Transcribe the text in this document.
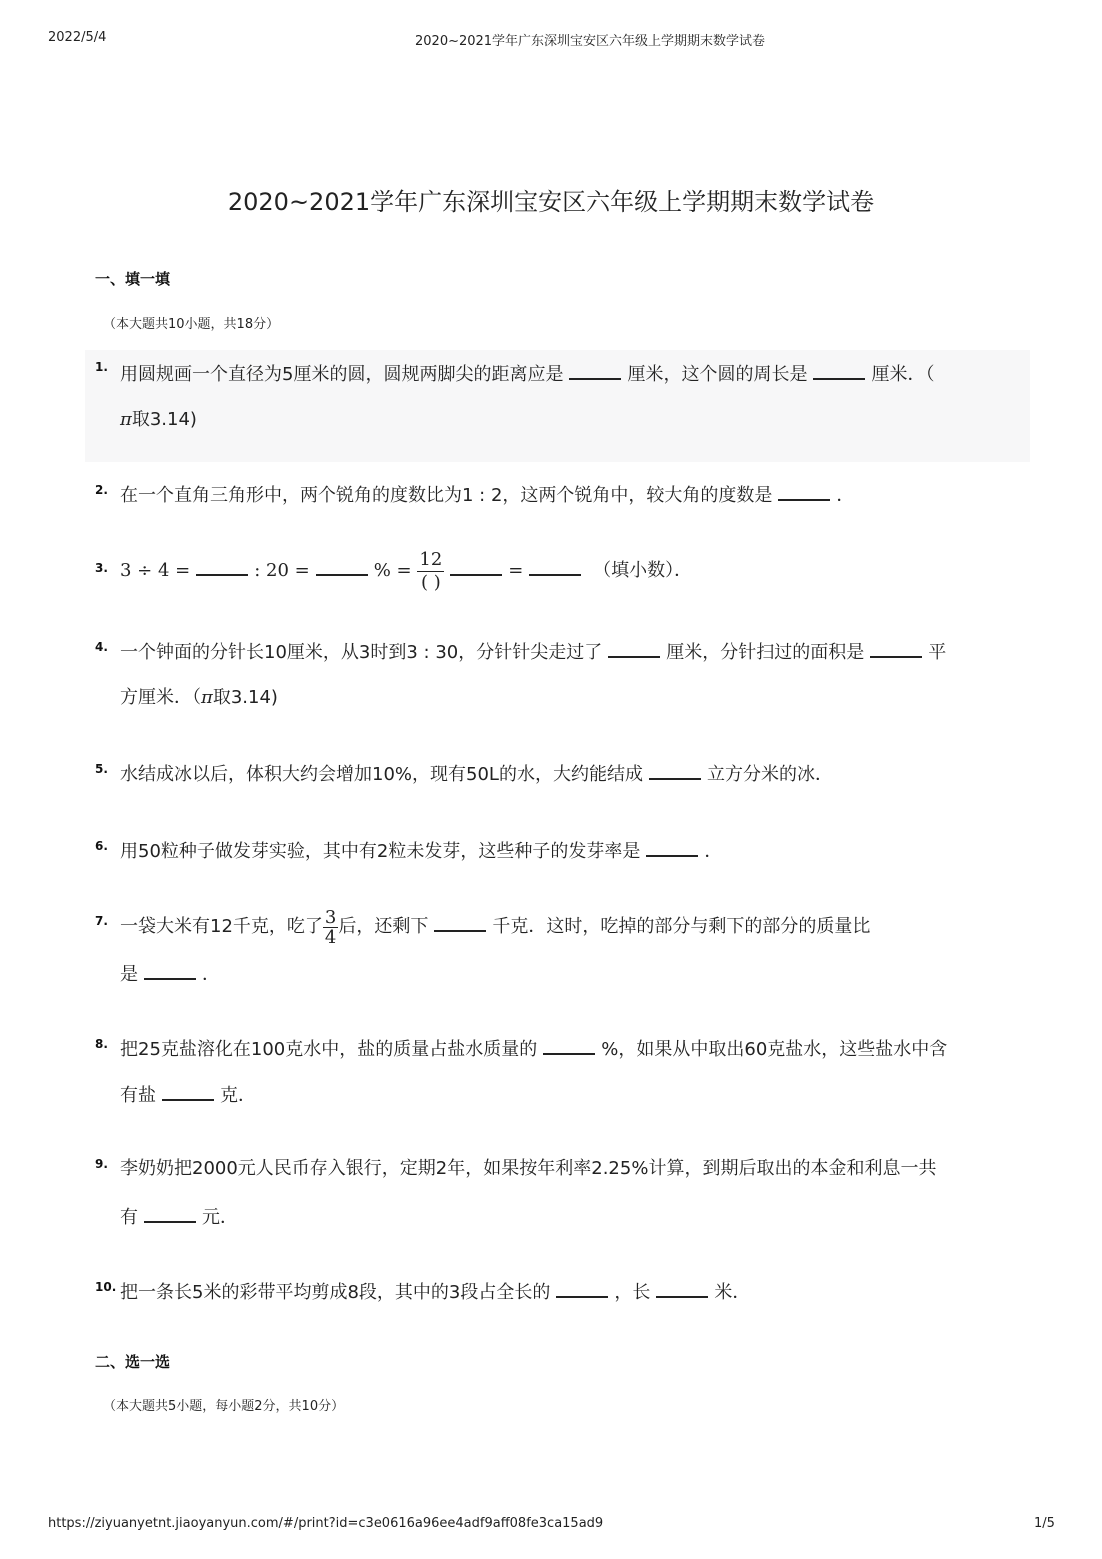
2022/5/4	2020~2021学年广东深圳宝安区六年级上学期期末数学试卷
2020~2021学年广东深圳宝安区六年级上学期期末数学试卷
一、填一填
（本大题共10小题，共18分）
1. 用圆规画一个直径为5厘米的圆，圆规两脚尖的距离应是	厘米，这个圆的周长是	厘米．（
π取3.14)
2. 在一个直角三角形中，两个锐角的度数比为1 : 2，这两个锐角中，较大角的度数是	．
3. 3 ÷ 4 =	: 20 =	% = $\frac{12}{( )}$	=	（填小数）．
4. 一个钟面的分针长10厘米，从3时到3 : 30，分针针尖走过了	厘米，分针扫过的面积是	平
方厘米．（π取3.14)
5. 水结成冰以后，体积大约会增加10%，现有50L的水，大约能结成	立方分米的冰．
6. 用50粒种子做发芽实验，其中有2粒未发芽，这些种子的发芽率是	．
7. 一袋大米有12千克，吃了 $\frac{3}{4}$ 后，还剩下	千克．这时，吃掉的部分与剩下的部分的质量比
是	．
8. 把25克盐溶化在100克水中，盐的质量占盐水质量的	%，如果从中取出60克盐水，这些盐水中含
有盐	克．
9. 李奶奶把2000元人民币存入银行，定期2年，如果按年利率2.25%计算，到期后取出的本金和利息一共
有	元．
10. 把一条长5米的彩带平均剪成8段，其中的3段占全长的	，长	米．
二、选一选
（本大题共5小题，每小题2分，共10分）
https://ziyuanyetnt.jiaoyanyun.com/#/print?id=c3e0616a96ee4adf9aff08fe3ca15ad9	1/5
